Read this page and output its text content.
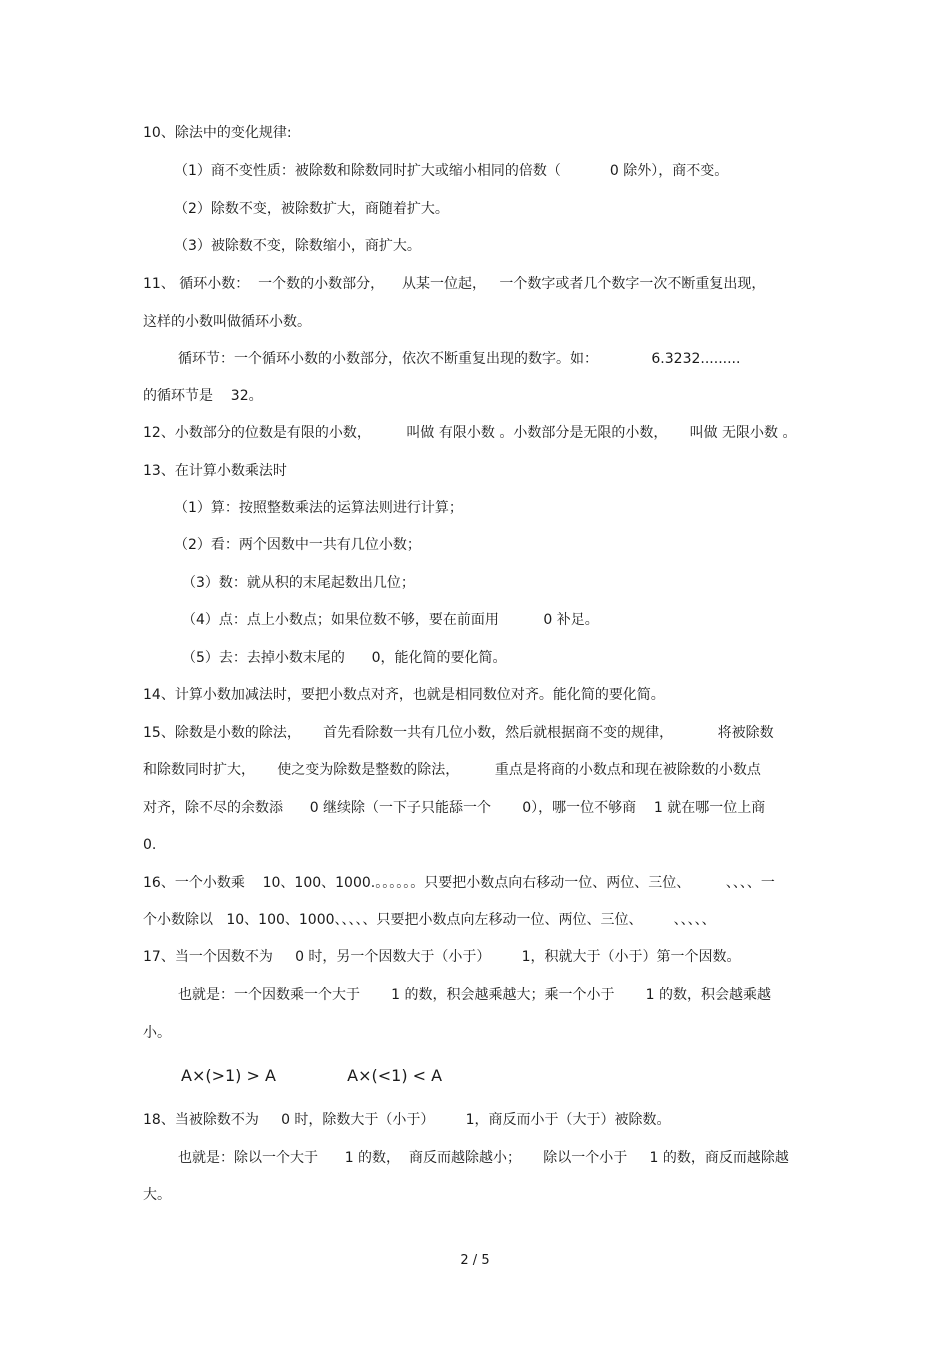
10、除法中的变化规律:
（1）商不变性质：被除数和除数同时扩大或缩小相同的倍数（           0 除外），商不变。
（2）除数不变，被除数扩大，商随着扩大。
（3）被除数不变，除数缩小，商扩大。
11、 循环小数：  一个数的小数部分，    从某一位起，   一个数字或者几个数字一次不断重复出现，
这样的小数叫做循环小数。
循环节：一个循环小数的小数部分，依次不断重复出现的数字。如：            6.3232.........
的循环节是    32。
12、小数部分的位数是有限的小数，        叫做 有限小数 。小数部分是无限的小数，     叫做 无限小数 。
13、在计算小数乘法时
（1）算：按照整数乘法的运算法则进行计算；
（2）看：两个因数中一共有几位小数；
（3）数：就从积的末尾起数出几位；
（4）点：点上小数点；如果位数不够，要在前面用          0 补足。
（5）去：去掉小数末尾的      0，能化简的要化简。
14、计算小数加减法时，要把小数点对齐，也就是相同数位对齐。能化简的要化简。
15、除数是小数的除法，     首先看除数一共有几位小数，然后就根据商不变的规律，          将被除数
和除数同时扩大，     使之变为除数是整数的除法，        重点是将商的小数点和现在被除数的小数点
对齐，除不尽的余数添      0 继续除（一下子只能舔一个       0），哪一位不够商    1 就在哪一位上商
0.
16、一个小数乘    10、100、1000.。。。。。。只要把小数点向右移动一位、两位、三位、        、、、、一
个小数除以   10、100、1000、、、、、只要把小数点向左移动一位、两位、三位、       、、、、、
17、当一个因数不为     0 时，另一个因数大于（小于）       1，积就大于（小于）第一个因数。
也就是：一个因数乘一个大于       1 的数，积会越乘越大；乘一个小于       1 的数，积会越乘越
小。
A×(>1) > A              A×(<1) < A
18、当被除数不为     0 时，除数大于（小于）       1，商反而小于（大于）被除数。
也就是：除以一个大于      1 的数，  商反而越除越小；     除以一个小于     1 的数，商反而越除越
大。
2 / 5
